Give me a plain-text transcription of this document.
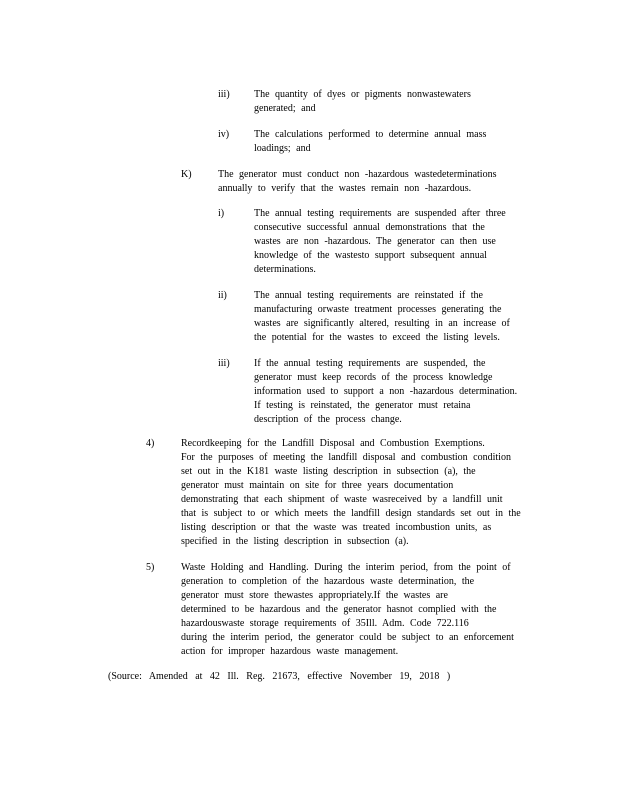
iii) The quantity of dyes or pigments nonwastewaters
generated; and
iv) The calculations performed to determine annual mass
loadings; and
K)	The generator must conduct non -hazardous wastedeterminations
annually to verify that the wastes remain non -hazardous.
i)	The annual testing requirements are suspended after three
consecutive successful annual demonstrations that the
wastes are non -hazardous. The generator can then use
knowledge of the wastesto support subsequent annual
determinations.
ii)	The annual testing requirements are reinstated if the
manufacturing orwaste treatment processes generating the
wastes are significantly altered, resulting in an increase of
the potential for the wastes to exceed the listing levels.
iii) If the annual testing requirements are suspended, the
generator must keep records of the process knowledge
information used to support a non -hazardous determination.
If testing is reinstated, the generator must retaina
description of the process change.
4)	Recordkeeping for the Landfill Disposal and Combustion Exemptions.
For the purposes of meeting the landfill disposal and combustion condition
set out in the K181 waste listing description in subsection (a), the
generator must maintain on site for three years documentation
demonstrating that each shipment of waste wasreceived by a landfill unit
that is subject to or which meets the landfill design standards set out in the
listing description or that the waste was treated incombustion units, as
specified in the listing description in subsection (a).
5)	Waste Holding and Handling. During the interim period, from the point of
generation to completion of the hazardous waste determination, the
generator must store thewastes appropriately.If the wastes are
determined to be hazardous and the generator hasnot complied with the
hazardouswaste storage requirements of 35Ill. Adm. Code 722.116
during the interim period, the generator could be subject to an enforcement
action for improper hazardous waste management.
(Source: Amended at 42 Ill. Reg. 21673, effective November 19, 2018 )
